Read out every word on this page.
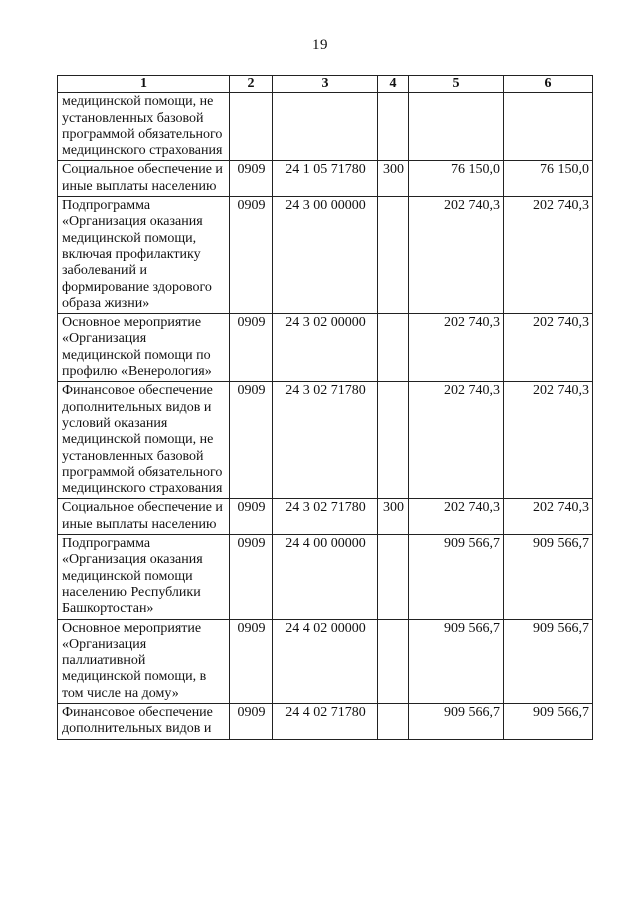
19
1	2	3	4	5	6
медицинской помощи, не установленных базовой программой обязательного медицинского страхования					
Социальное обеспечение и иные выплаты населению	0909	24 1 05 71780	300	76 150,0	76 150,0
Подпрограмма «Организация оказания медицинской помощи, включая профилактику заболеваний и формирование здорового образа жизни»	0909	24 3 00 00000		202 740,3	202 740,3
Основное мероприятие «Организация медицинской помощи по профилю «Венерология»	0909	24 3 02 00000		202 740,3	202 740,3
Финансовое обеспечение дополнительных видов и условий оказания медицинской помощи, не установленных базовой программой обязательного медицинского страхования	0909	24 3 02 71780		202 740,3	202 740,3
Социальное обеспечение и иные выплаты населению	0909	24 3 02 71780	300	202 740,3	202 740,3
Подпрограмма «Организация оказания медицинской помощи населению Республики Башкортостан»	0909	24 4 00 00000		909 566,7	909 566,7
Основное мероприятие «Организация паллиативной медицинской помощи, в том числе на дому»	0909	24 4 02 00000		909 566,7	909 566,7
Финансовое обеспечение дополнительных видов и	0909	24 4 02 71780		909 566,7	909 566,7
